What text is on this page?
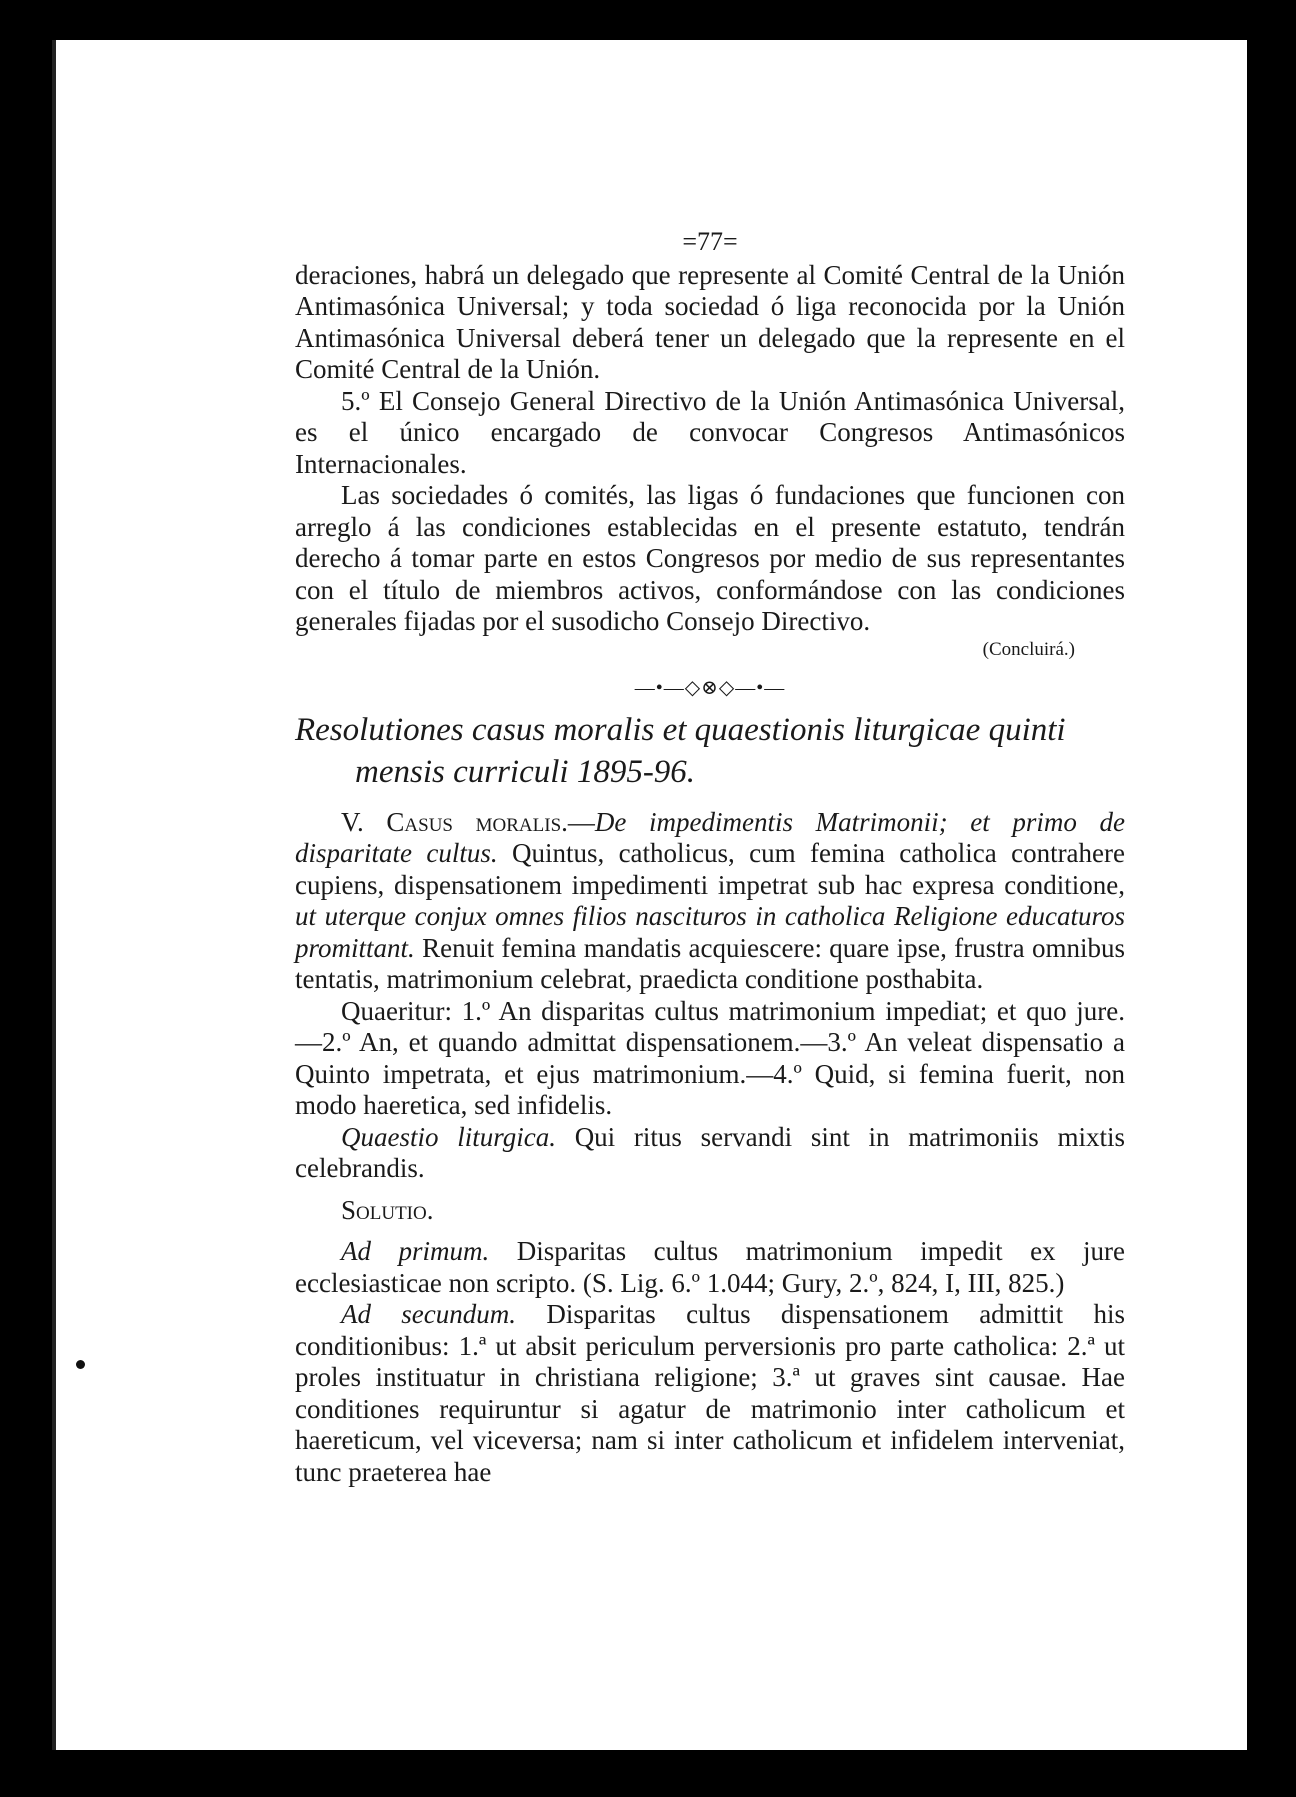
=77=

deraciones, habrá un delegado que represente al Comité Central de la Unión Antimasónica Universal; y toda sociedad ó liga reconocida por la Unión Antimasónica Universal deberá tener un delegado que la represente en el Comité Central de la Unión.

5.º El Consejo General Directivo de la Unión Antimasónica Universal, es el único encargado de convocar Congresos Antimasónicos Internacionales.

Las sociedades ó comités, las ligas ó fundaciones que funcionen con arreglo á las condiciones establecidas en el presente estatuto, tendrán derecho á tomar parte en estos Congresos por medio de sus representantes con el título de miembros activos, conformándose con las condiciones generales fijadas por el susodicho Consejo Directivo.

(Concluirá.)
—•—◇⊗◇—•—
Resolutiones casus moralis et quaestionis liturgicae quinti
mensis curriculi 1895-96.

V. Casus moralis.—De impedimentis Matrimonii; et primo de disparitate cultus. Quintus, catholicus, cum femina catholica contrahere cupiens, dispensationem impedimenti impetrat sub hac expresa conditione, ut uterque conjux omnes filios nascituros in catholica Religione educaturos promittant. Renuit femina mandatis acquiescere: quare ipse, frustra omnibus tentatis, matrimonium celebrat, praedicta conditione posthabita.

Quaeritur: 1.º An disparitas cultus matrimonium impediat; et quo jure.—2.º An, et quando admittat dispensationem.—3.º An veleat dispensatio a Quinto impetrata, et ejus matrimonium.—4.º Quid, si femina fuerit, non modo haeretica, sed infidelis.

Quaestio liturgica. Qui ritus servandi sint in matrimoniis mixtis celebrandis.

Solutio.

Ad primum. Disparitas cultus matrimonium impedit ex jure ecclesiasticae non scripto. (S. Lig. 6.º 1.044; Gury, 2.º, 824, I, III, 825.)

Ad secundum. Disparitas cultus dispensationem admittit his conditionibus: 1.ª ut absit periculum perversionis pro parte catholica: 2.ª ut proles instituatur in christiana religione; 3.ª ut graves sint causae. Hae conditiones requiruntur si agatur de matrimonio inter catholicum et haereticum, vel viceversa; nam si inter catholicum et infidelem interveniat, tunc praeterea hae
